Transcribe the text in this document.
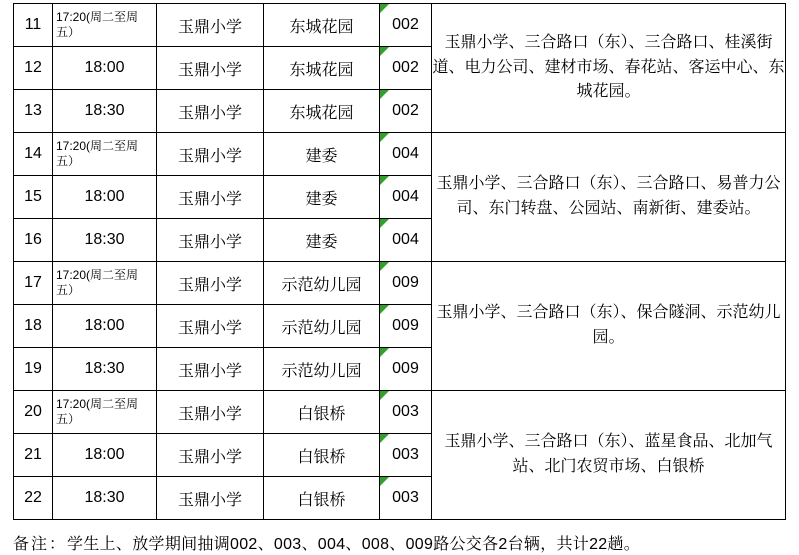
11	17:20(周二至周五）	玉鼎小学	东城花园	002	玉鼎小学、三合路口（东）、三合路口、桂溪街道、电力公司、建材市场、春花站、客运中心、东城花园。
12	18:00	玉鼎小学	东城花园	002	
13	18:30	玉鼎小学	东城花园	002	
14	17:20(周二至周五）	玉鼎小学	建委	004	玉鼎小学、三合路口（东）、三合路口、易普力公司、东门转盘、公园站、南新街、建委站。
15	18:00	玉鼎小学	建委	004	
16	18:30	玉鼎小学	建委	004	
17	17:20(周二至周五）	玉鼎小学	示范幼儿园	009	玉鼎小学、三合路口（东）、保合隧洞、示范幼儿园。
18	18:00	玉鼎小学	示范幼儿园	009	
19	18:30	玉鼎小学	示范幼儿园	009	
20	17:20(周二至周五）	玉鼎小学	白银桥	003	玉鼎小学、三合路口（东）、蓝星食品、北加气站、北门农贸市场、白银桥
21	18:00	玉鼎小学	白银桥	003	
22	18:30	玉鼎小学	白银桥	003	
备注：学生上、放学期间抽调002、003、004、008、009路公交各2台辆，共计22趟。
